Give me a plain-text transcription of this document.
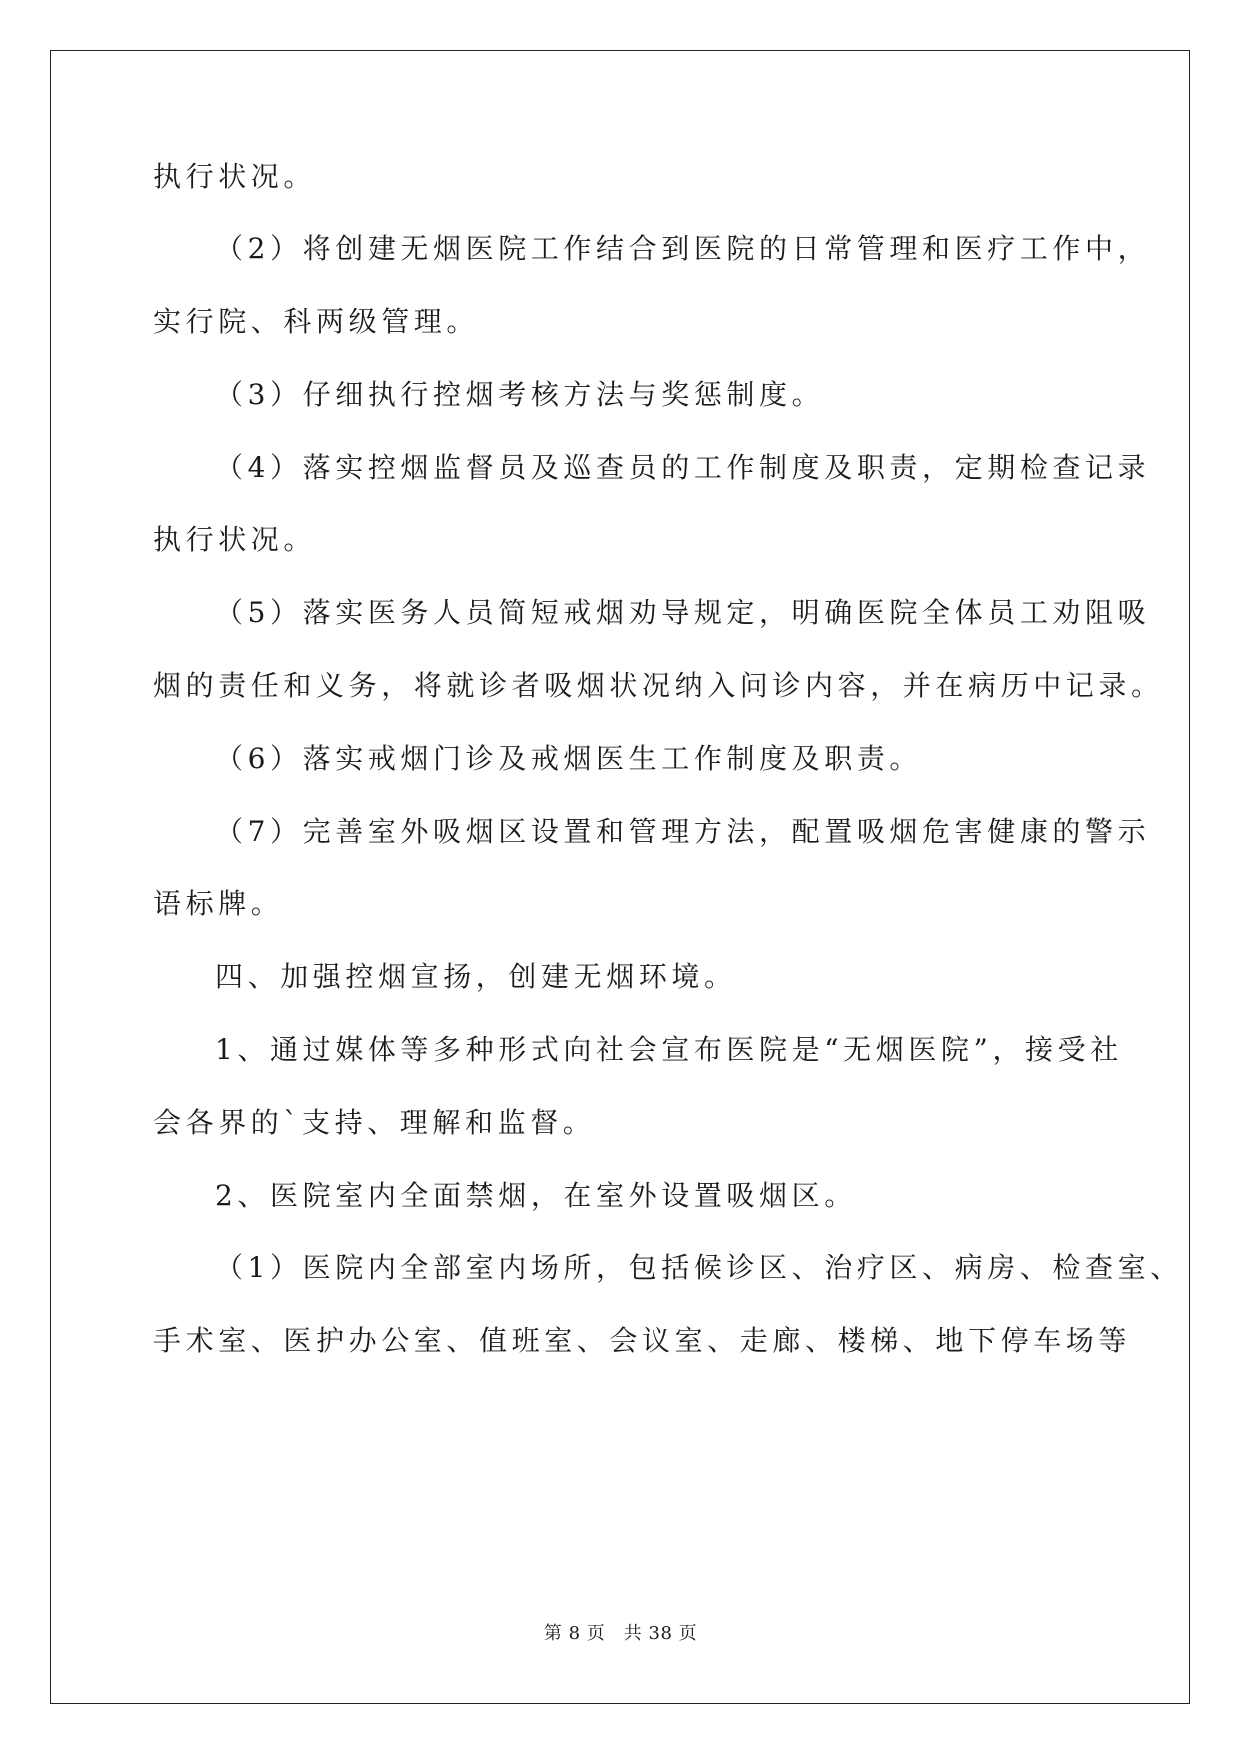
执行状况。
（2）将创建无烟医院工作结合到医院的日常管理和医疗工作中，
实行院、科两级管理。
（3）仔细执行控烟考核方法与奖惩制度。
（4）落实控烟监督员及巡查员的工作制度及职责，定期检查记录
执行状况。
（5）落实医务人员简短戒烟劝导规定，明确医院全体员工劝阻吸
烟的责任和义务，将就诊者吸烟状况纳入问诊内容，并在病历中记录。
（6）落实戒烟门诊及戒烟医生工作制度及职责。
（7）完善室外吸烟区设置和管理方法，配置吸烟危害健康的警示
语标牌。
四、加强控烟宣扬，创建无烟环境。
1、通过媒体等多种形式向社会宣布医院是“无烟医院”，接受社
会各界的`支持、理解和监督。
2、医院室内全面禁烟，在室外设置吸烟区。
（1）医院内全部室内场所，包括候诊区、治疗区、病房、检查室、
手术室、医护办公室、值班室、会议室、走廊、楼梯、地下停车场等
第 8 页　共 38 页
